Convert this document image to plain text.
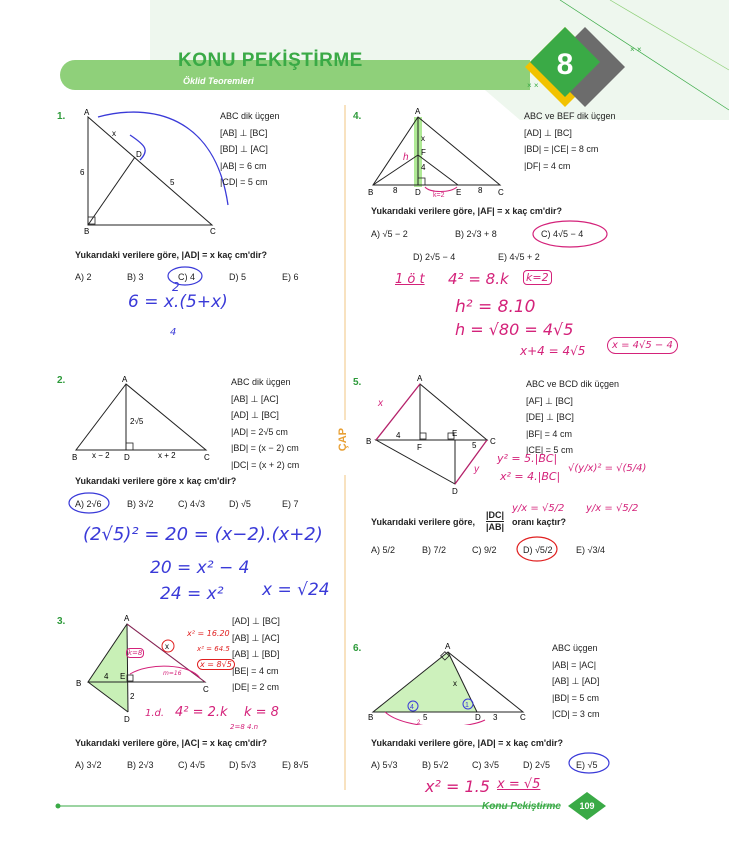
KONU PEKİŞTİRME
Öklid Teoremleri	8	× ×
× ×
ÇAP
1. A
B	C
D
x
6
5
ABC dik üçgen
[AB] ⊥ [BC]
[BD] ⊥ [AC]
|AB| = 6 cm
|CD| = 5 cm
Yukarıdaki verilere göre, |AD| = x kaç cm'dir?
A) 2	B) 3	C) 4	D) 5	E) 6
2
6 = x.(5+x)
4
2.	A
B	C
D
2√5
x − 2	x + 2
ABC dik üçgen
[AB] ⊥ [AC]
[AD] ⊥ [BC]
|AD| = 2√5 cm
|BD| = (x − 2) cm
|DC| = (x + 2) cm
Yukarıdaki verilere göre x kaç cm'dir?
A) 2√6	B) 3√2	C) 4√3	D) √5	E) 7
(2√5)² = 20 = (x−2).(x+2)
20 = x² − 4
24 = x² x = √24
3.	A
B
C
D
E
x
4
2
x² = 16.20
x² = 64.5
x = 8√5
k=8
m=16
[AD] ⊥ [BC]
[AB] ⊥ [AC]
[AB] ⊥ [BD]
|BE| = 4 cm
|DE| = 2 cm
1.d. 4² = 2.k k = 8
2=8 4.n
Yukarıdaki verilere göre, |AC| = x kaç cm'dir?
A) 3√2	B) 2√3	C) 4√5	D) 5√3	E) 8√5
4.	A
B	C
D	E
F
x
4
8	8
h
k=2
ABC ve BEF dik üçgen
[AD] ⊥ [BC]
|BD| = |CE| = 8 cm
|DF| = 4 cm
Yukarıdaki verilere göre, |AF| = x kaç cm'dir?
A) √5 − 2	B) 2√3 + 8	C) 4√5 − 4
D) 2√5 − 4	E) 4√5 + 2
1 ö t 4² = 8.k k=2
h² = 8.10
h = √80 = 4√5
x+4 = 4√5	x = 4√5 − 4
5.	A
B	C
D
E
F
4
5
x
y
ABC ve BCD dik üçgen
[AF] ⊥ [BC]
[DE] ⊥ [BC]
|BF| = 4 cm
|CE| = 5 cm
y² = 5.|BC|
x² = 4.|BC|
√(y/x)² = √(5/4)
y/x = √5/2
y/x = √5/2
Yukarıdaki verilere göre, $\frac{|DC|}{|AB|}$ oranı kaçtır?
A) 5/2	B) 7/2	C) 9/2	D) √5/2	E) √3/4
6.	A
B	C
D
x
5	3
4	1
2
ABC üçgen
|AB| = |AC|
[AB] ⊥ [AD]
|BD| = 5 cm
|CD| = 3 cm
Yukarıdaki verilere göre, |AD| = x kaç cm'dir?
A) 5√3	B) 5√2	C) 3√5	D) 2√5	E) √5
x² = 1.5 x = √5
Konu Pekiştirme 109
